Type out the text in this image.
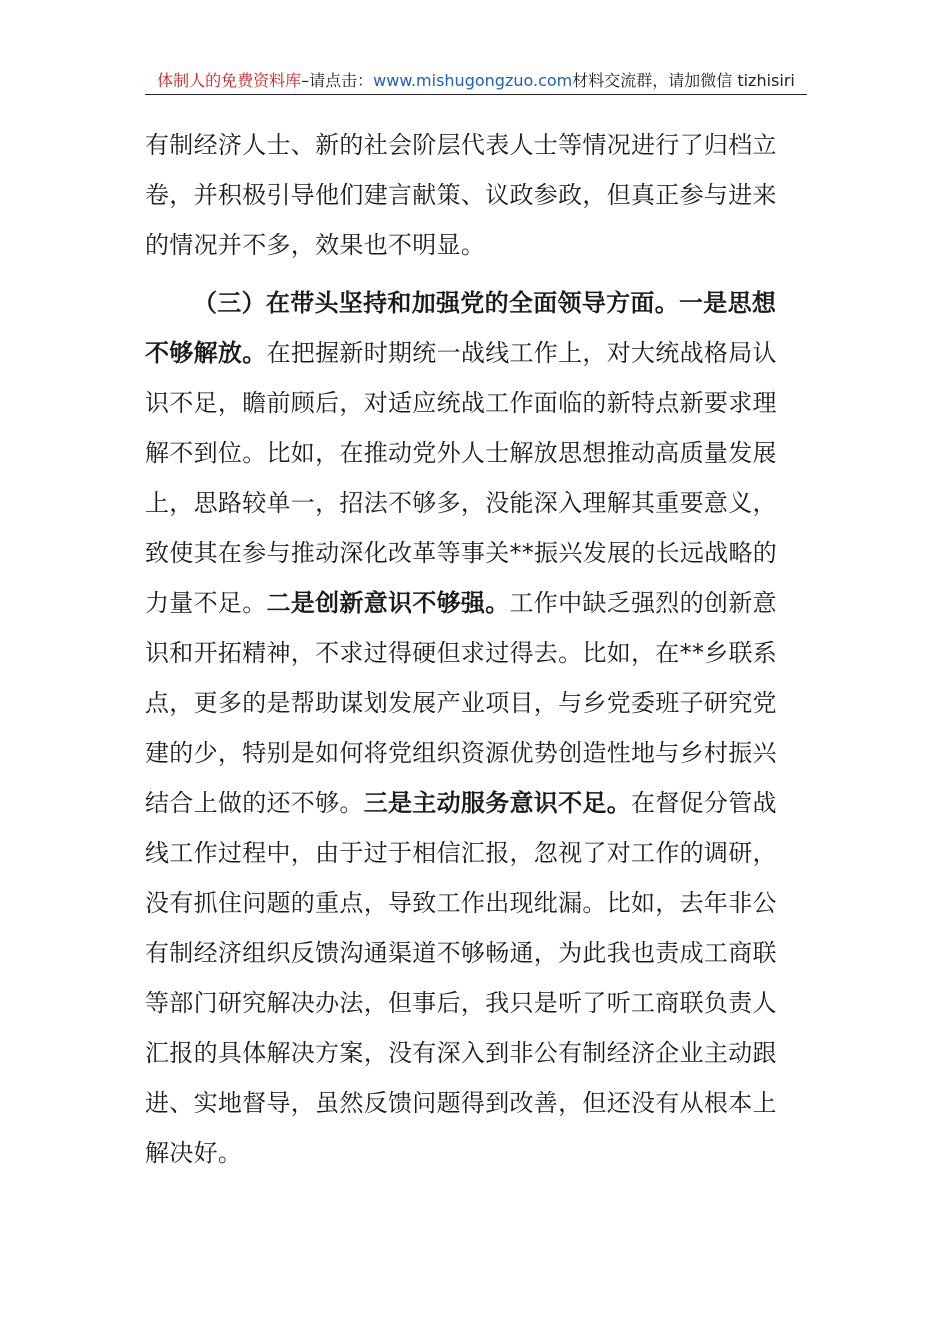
体制人的免费资料库–请点击：www.mishugongzuo.com材料交流群，请加微信 tizhisiri

有制经济人士、新的社会阶层代表人士等情况进行了归档立卷，并积极引导他们建言献策、议政参政，但真正参与进来的情况并不多，效果也不明显。

（三）在带头坚持和加强党的全面领导方面。一是思想不够解放。在把握新时期统一战线工作上，对大统战格局认识不足，瞻前顾后，对适应统战工作面临的新特点新要求理解不到位。比如，在推动党外人士解放思想推动高质量发展上，思路较单一，招法不够多，没能深入理解其重要意义，致使其在参与推动深化改革等事关**振兴发展的长远战略的力量不足。二是创新意识不够强。工作中缺乏强烈的创新意识和开拓精神，不求过得硬但求过得去。比如，在**乡联系点，更多的是帮助谋划发展产业项目，与乡党委班子研究党建的少，特别是如何将党组织资源优势创造性地与乡村振兴结合上做的还不够。三是主动服务意识不足。在督促分管战线工作过程中，由于过于相信汇报，忽视了对工作的调研，没有抓住问题的重点，导致工作出现纰漏。比如，去年非公有制经济组织反馈沟通渠道不够畅通，为此我也责成工商联等部门研究解决办法，但事后，我只是听了听工商联负责人汇报的具体解决方案，没有深入到非公有制经济企业主动跟进、实地督导，虽然反馈问题得到改善，但还没有从根本上解决好。
